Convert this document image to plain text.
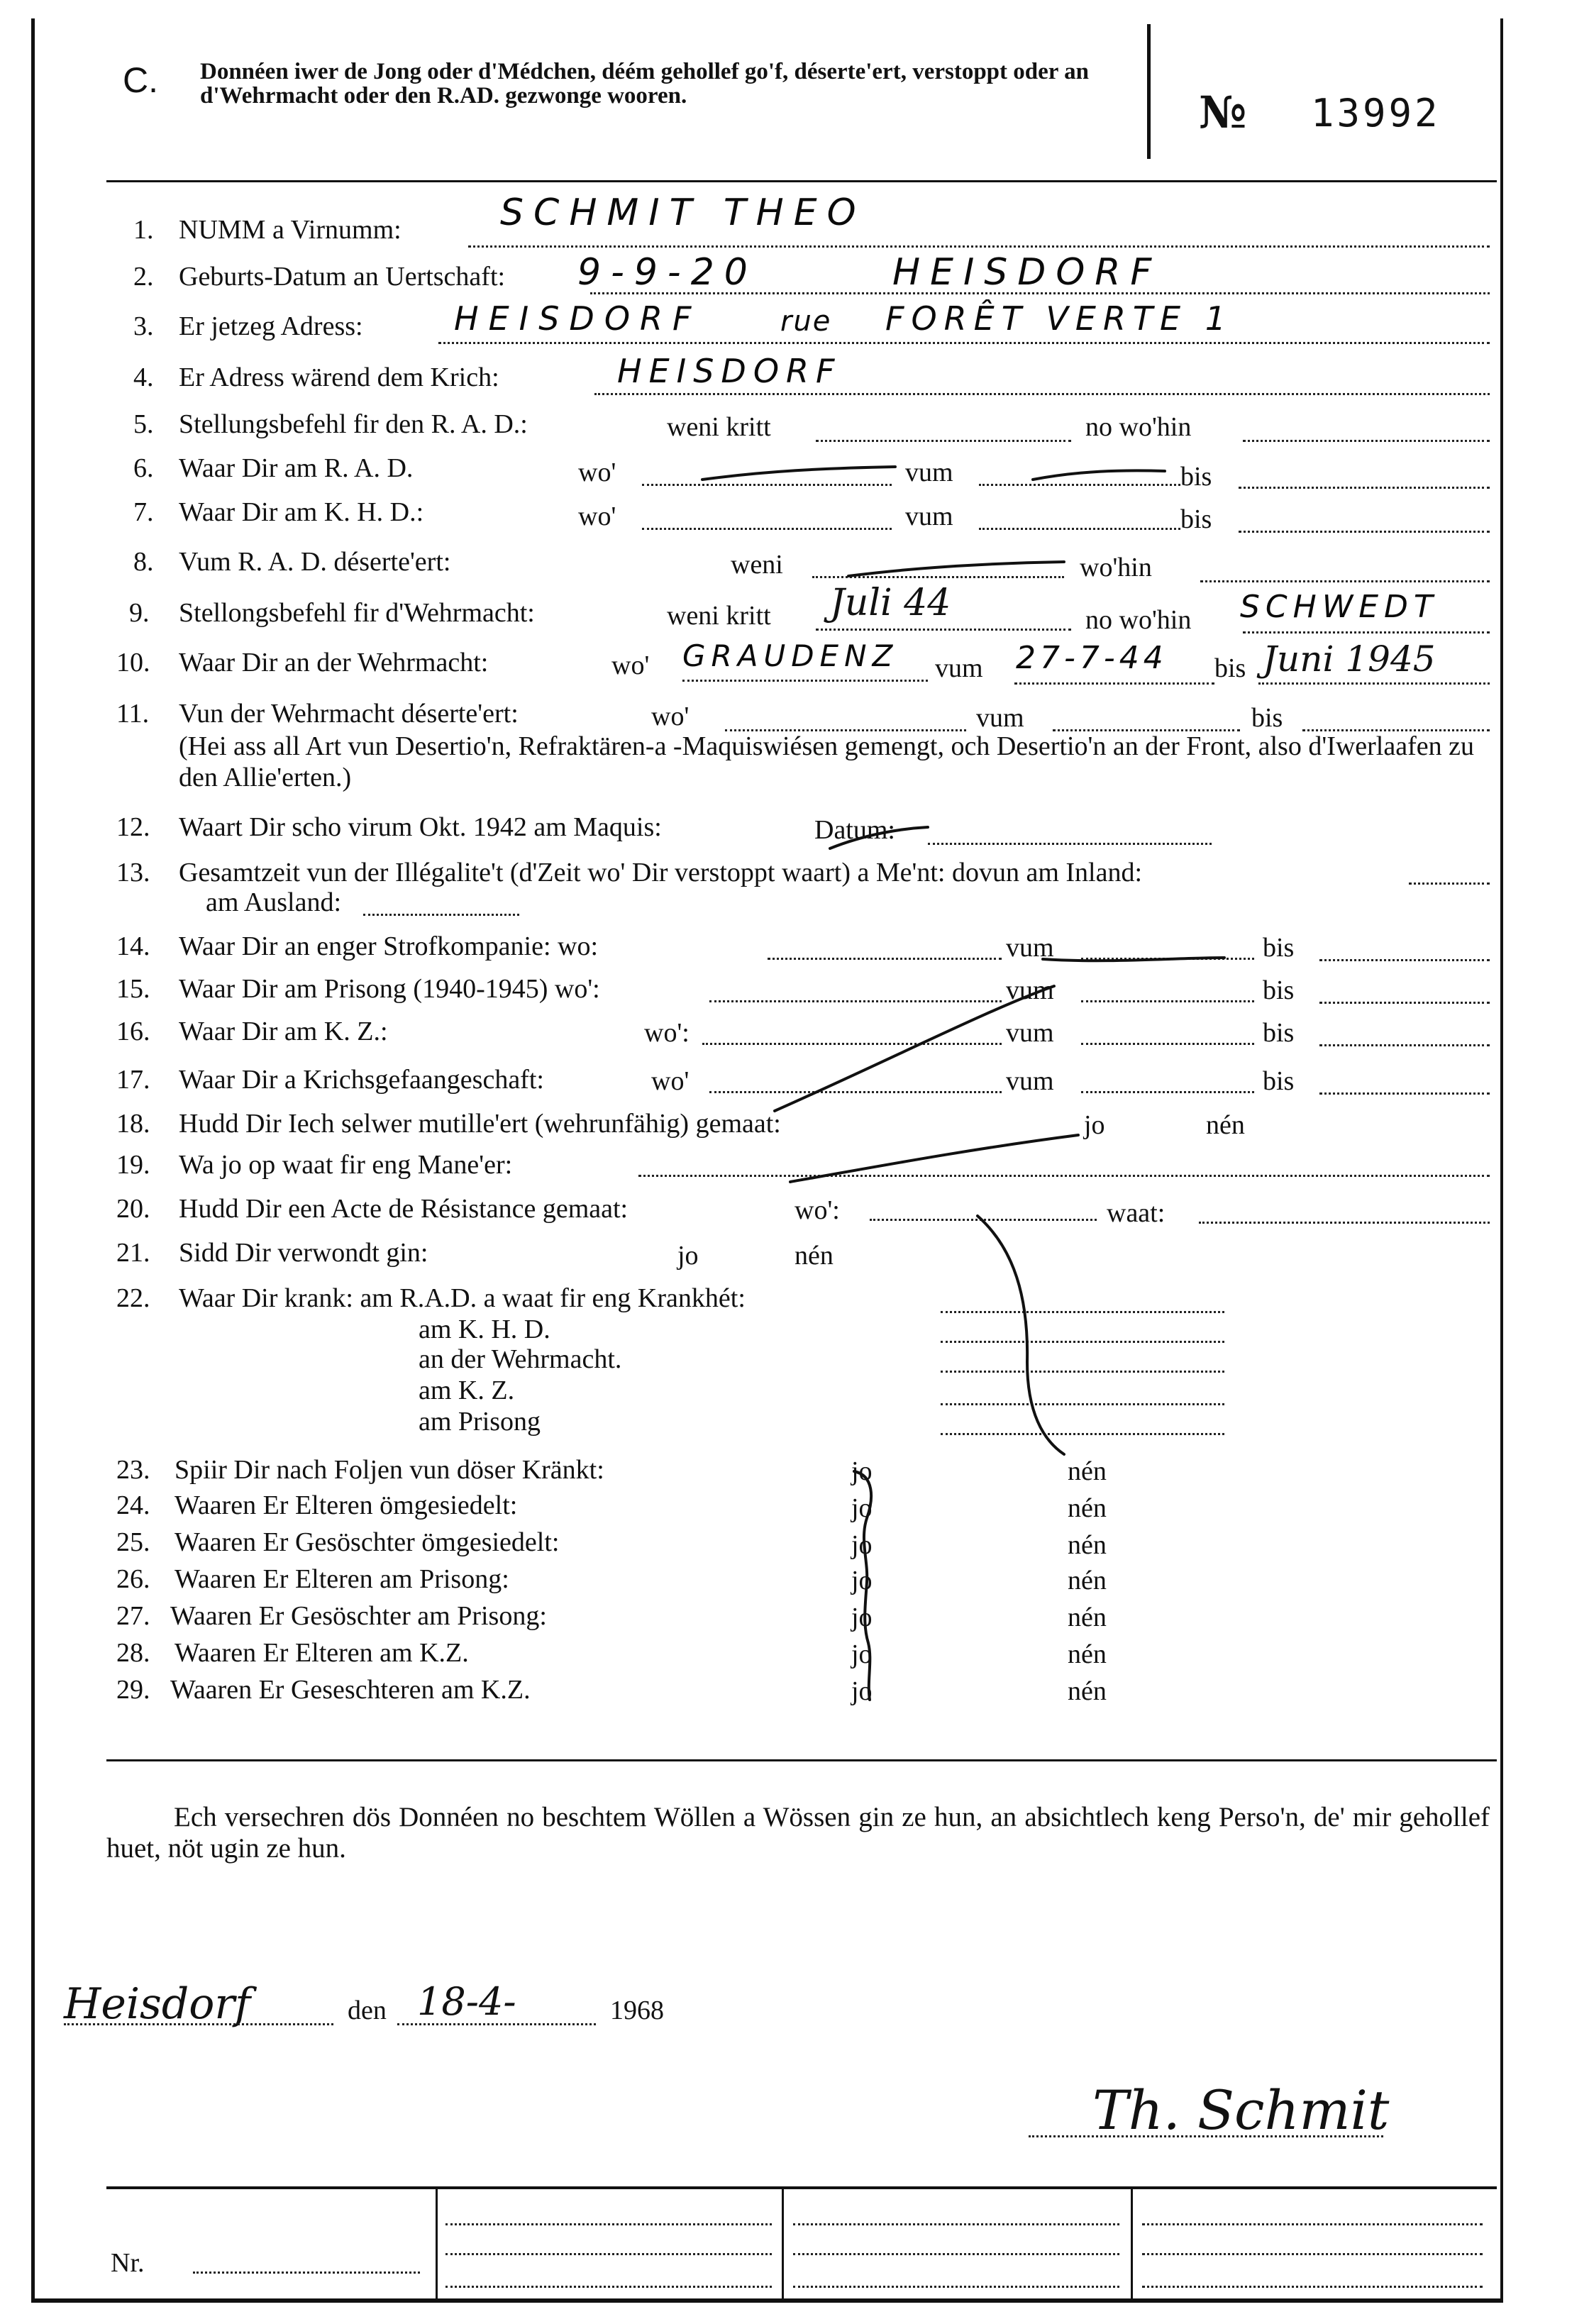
C. Donnéen iwer de Jong oder d'Médchen, déém gehollef go'f, déserte'ert, verstoppt oder an d'Wehrmacht oder den R.AD. gezwonge wooren.	№ 13992
1. NUMM a Virnumm:	SCHMIT THEO
2. Geburts-Datum an Uertschaft: 9-9-20	HEISDORF
3. Er jetzeg Adress:	HEISDORF	rue FORÊT VERTE 1
4. Er Adress wärend dem Krich:	HEISDORF
5. Stellungsbefehl fir den R. A. D.:	weni kritt	no wo'hin
6. Waar Dir am R. A. D.	wo'	vum	bis
7. Waar Dir am K. H. D.:	wo'	vum	bis
8. Vum R. A. D. déserte'ert:	weni	wo'hin
9. Stellongsbefehl fir d'Wehrmacht:	weni kritt Juli 44	no wo'hin SCHWEDT
10. Waar Dir an der Wehrmacht:	wo' GRAUDENZ vum 27-7-44 bis Juni 1945
11. Vun der Wehrmacht déserte'ert:	wo'	vum	bis
(Hei ass all Art vun Desertio'n, Refraktären-a -Maquiswiésen gemengt, och Desertio'n an der Front, also d'Iwerlaafen zu den Allie'erten.)
12. Waart Dir scho virum Okt. 1942 am Maquis:	Datum:
13. Gesamtzeit vun der Illégalite't (d'Zeit wo' Dir verstoppt waart) a Me'nt: dovun am Inland:
am Ausland:
14. Waar Dir an enger Strofkompanie: wo:	vum	bis
15. Waar Dir am Prisong (1940-1945) wo':	vum	bis
16. Waar Dir am K. Z.:	wo':	vum	bis
17. Waar Dir a Krichsgefaangeschaft:	wo'	vum	bis
18. Hudd Dir Iech selwer mutille'ert (wehrunfähig) gemaat:	jo	nén
19. Wa jo op waat fir eng Mane'er:
20. Hudd Dir een Acte de Résistance gemaat:	wo':	waat:
21. Sidd Dir verwondt gin:	jo	nén
22. Waar Dir krank: am R.A.D. a waat fir eng Krankhét:
am K. H. D.
an der Wehrmacht.
am K. Z.
am Prisong
23. Spiir Dir nach Foljen vun döser Kränkt:	jo	nén
24. Waaren Er Elteren ömgesiedelt:	jo	nén
25. Waaren Er Gesöschter ömgesiedelt:	jo	nén
26. Waaren Er Elteren am Prisong:	jo	nén
27. Waaren Er Gesöschter am Prisong:	jo	nén
28. Waaren Er Elteren am K.Z.	jo	nén
29. Waaren Er Geseschteren am K.Z.	jo	nén
Ech versechren dös Donnéen no beschtem Wöllen a Wössen gin ze hun, an absichtlech keng Perso'n, de' mir gehollef huet, nöt ugin ze hun.
Heisdorf	den 18-4-	1968
Th. Schmit
Nr.
